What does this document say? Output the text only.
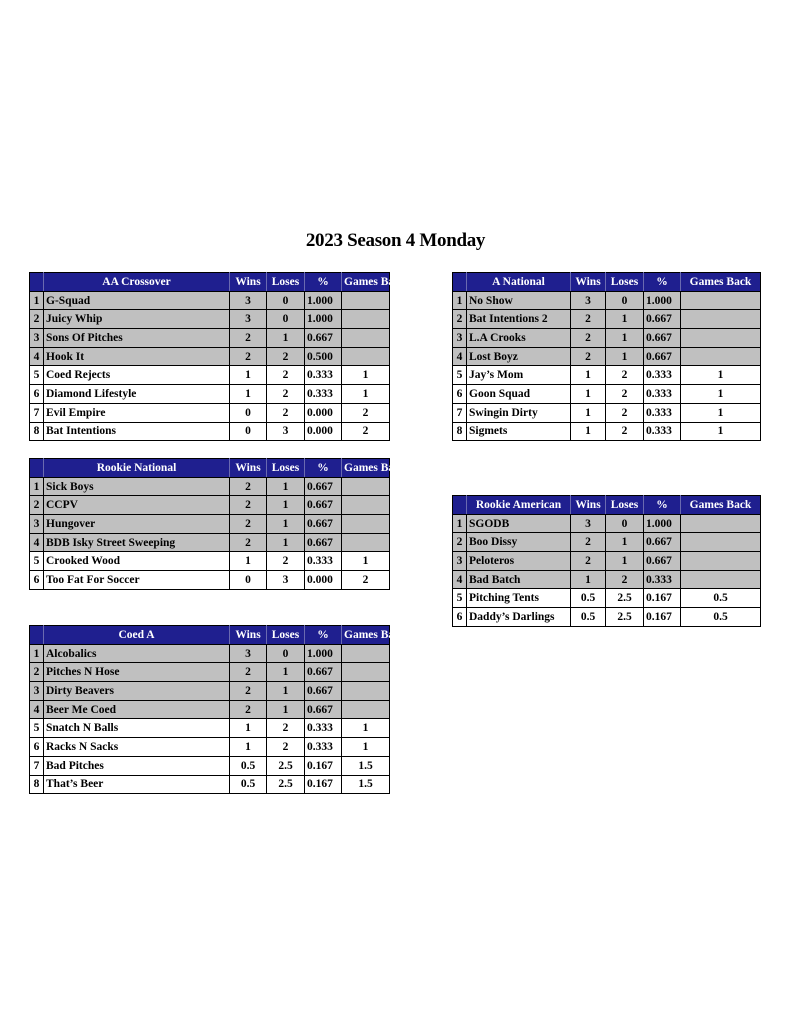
2023 Season 4 Monday
	AA Crossover	Wins	Loses	%	Games Back
1	G-Squad	3	0	1.000	
2	Juicy Whip	3	0	1.000	
3	Sons Of Pitches	2	1	0.667	
4	Hook It	2	2	0.500	
5	Coed Rejects	1	2	0.333	1
6	Diamond Lifestyle	1	2	0.333	1
7	Evil Empire	0	2	0.000	2
8	Bat Intentions	0	3	0.000	2
	A National	Wins	Loses	%	Games Back
1	No Show	3	0	1.000	
2	Bat Intentions 2	2	1	0.667	
3	L.A Crooks	2	1	0.667	
4	Lost Boyz	2	1	0.667	
5	Jay’s Mom	1	2	0.333	1
6	Goon Squad	1	2	0.333	1
7	Swingin Dirty	1	2	0.333	1
8	Sigmets	1	2	0.333	1
	Rookie National	Wins	Loses	%	Games Back
1	Sick Boys	2	1	0.667	
2	CCPV	2	1	0.667	
3	Hungover	2	1	0.667	
4	BDB Isky Street Sweeping	2	1	0.667	
5	Crooked Wood	1	2	0.333	1
6	Too Fat For Soccer	0	3	0.000	2
	Rookie American	Wins	Loses	%	Games Back
1	SGODB	3	0	1.000	
2	Boo Dissy	2	1	0.667	
3	Peloteros	2	1	0.667	
4	Bad Batch	1	2	0.333	
5	Pitching Tents	0.5	2.5	0.167	0.5
6	Daddy’s Darlings	0.5	2.5	0.167	0.5
	Coed A	Wins	Loses	%	Games Back
1	Alcobalics	3	0	1.000	
2	Pitches N Hose	2	1	0.667	
3	Dirty Beavers	2	1	0.667	
4	Beer Me Coed	2	1	0.667	
5	Snatch N Balls	1	2	0.333	1
6	Racks N Sacks	1	2	0.333	1
7	Bad Pitches	0.5	2.5	0.167	1.5
8	That’s Beer	0.5	2.5	0.167	1.5
